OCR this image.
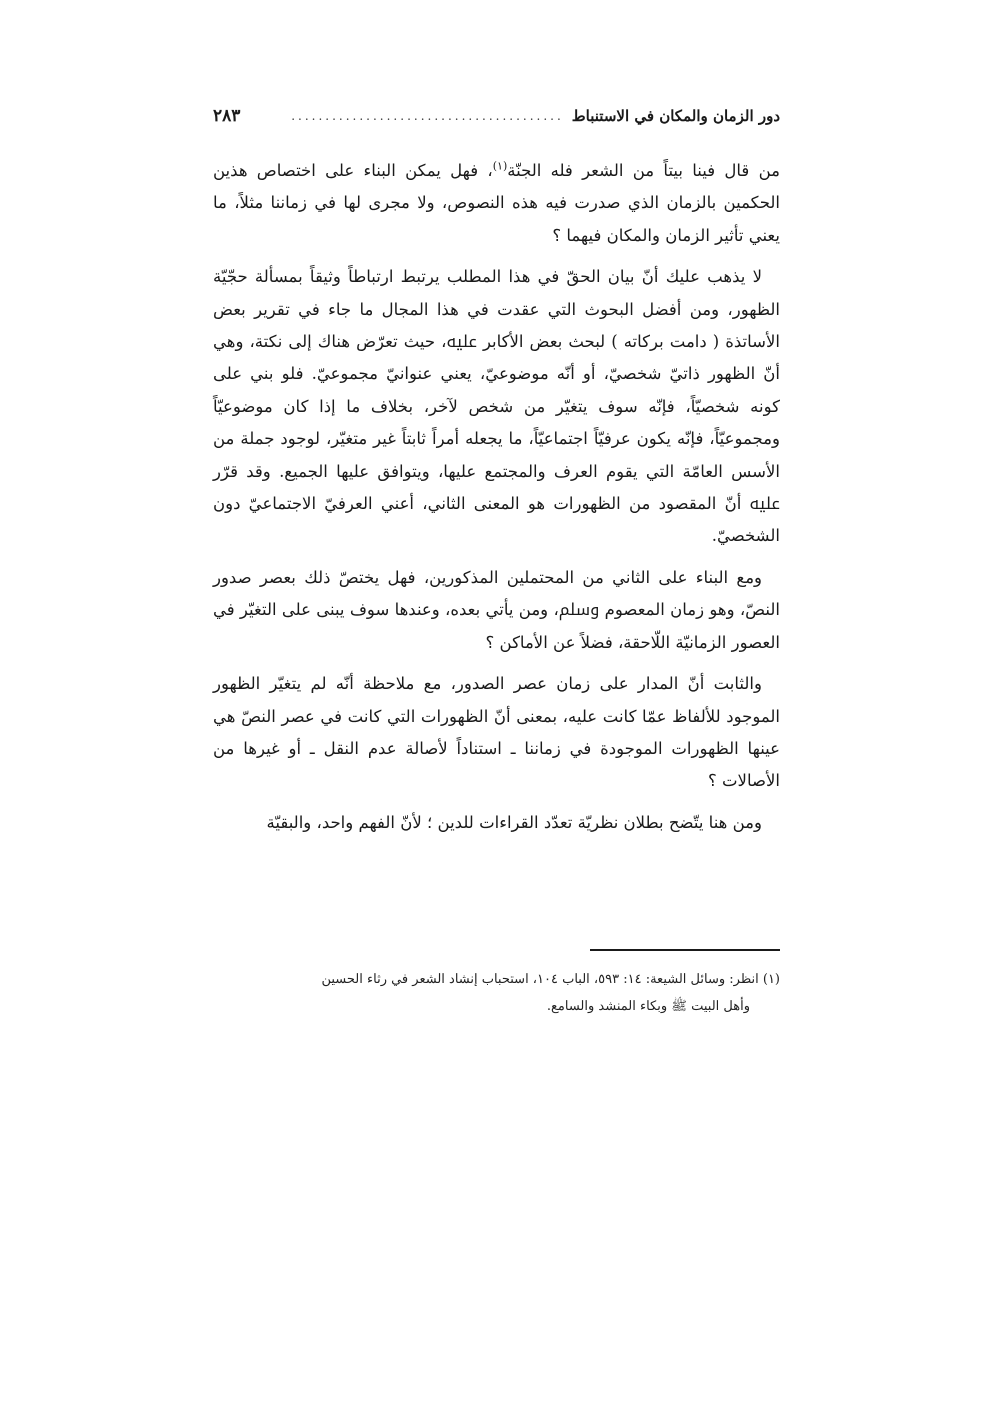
دور الزمان والمكان في الاستنباط
........................................
٢٨٣

من قال فينا بيتاً من الشعر فله الجنّة$^{(١)}$، فهل يمكن البناء على اختصاص هذين الحكمين بالزمان الذي صدرت فيه هذه النصوص، ولا مجرى لها في زماننا مثلاً، ما يعني تأثير الزمان والمكان فيهما ؟

لا يذهب عليك أنّ بيان الحقّ في هذا المطلب يرتبط ارتباطاً وثيقاً بمسألة حجّيّة الظهور، ومن أفضل البحوث التي عقدت في هذا المجال ما جاء في تقرير بعض الأساتذة ( دامت بركاته ) لبحث بعض الأكابر ﷷ، حيث تعرّض هناك إلى نكتة، وهي أنّ الظهور ذاتيّ شخصيّ، أو أنّه موضوعيّ، يعني عنوانيّ مجموعيّ. فلو بني على كونه شخصيّاً، فإنّه سوف يتغيّر من شخص لآخر، بخلاف ما إذا كان موضوعيّاً ومجموعيّاً، فإنّه يكون عرفيّاً اجتماعيّاً، ما يجعله أمراً ثابتاً غير متغيّر، لوجود جملة من الأسس العامّة التي يقوم العرف والمجتمع عليها، ويتوافق عليها الجميع. وقد قرّر ﷷ أنّ المقصود من الظهورات هو المعنى الثاني، أعني العرفيّ الاجتماعيّ دون الشخصيّ.

ومع البناء على الثاني من المحتملين المذكورين، فهل يختصّ ذلك بعصر صدور النصّ، وهو زمان المعصوم ﷸ، ومن يأتي بعده، وعندها سوف يبنى على التغيّر في العصور الزمانيّة اللّاحقة، فضلاً عن الأماكن ؟

والثابت أنّ المدار على زمان عصر الصدور، مع ملاحظة أنّه لم يتغيّر الظهور الموجود للألفاظ عمّا كانت عليه، بمعنى أنّ الظهورات التي كانت في عصر النصّ هي عينها الظهورات الموجودة في زماننا ـ استناداً لأصالة عدم النقل ـ أو غيرها من الأصالات ؟

ومن هنا يتّضح بطلان نظريّة تعدّد القراءات للدين ؛ لأنّ الفهم واحد، والبقيّة

(١) انظر: وسائل الشيعة: ١٤: ٥٩٣، الباب ١٠٤، استحباب إنشاد الشعر في رثاء الحسين

وأهل البيت ﷺ وبكاء المنشد والسامع.
